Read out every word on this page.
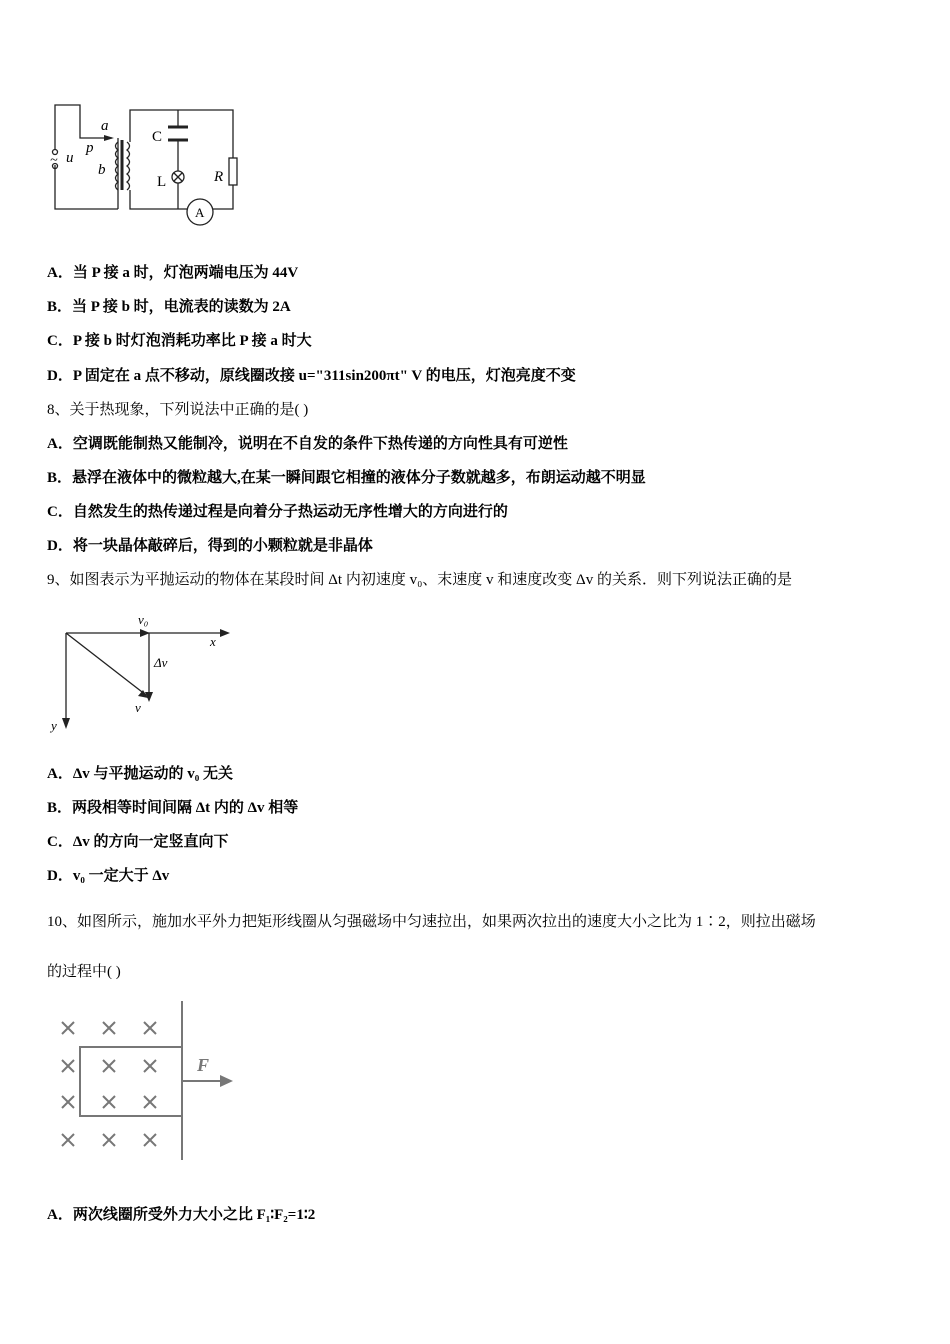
a
p
b
~ u
C
L	R
A
A．当 P 接 a 时，灯泡两端电压为 44V
B．当 P 接 b 时，电流表的读数为 2A
C．P 接 b 时灯泡消耗功率比 P 接 a 时大
D．P 固定在 a 点不移动，原线圈改接 u="311sin200πt" V 的电压，灯泡亮度不变
8、关于热现象，下列说法中正确的是( )
A．空调既能制热又能制冷，说明在不自发的条件下热传递的方向性具有可逆性
B．悬浮在液体中的微粒越大,在某一瞬间跟它相撞的液体分子数就越多，布朗运动越不明显
C．自然发生的热传递过程是向着分子热运动无序性增大的方向进行的
D．将一块晶体敲碎后，得到的小颗粒就是非晶体
9、如图表示为平抛运动的物体在某段时间 Δt 内初速度 v₀、末速度 v 和速度改变 Δv 的关系．则下列说法正确的是
v₀
x
Δv
v
y
A．Δv 与平抛运动的 v₀ 无关
B．两段相等时间间隔 Δt 内的 Δv 相等
C．Δv 的方向一定竖直向下
D．v₀ 一定大于 Δv
10、如图所示，施加水平外力把矩形线圈从匀强磁场中匀速拉出，如果两次拉出的速度大小之比为 1∶2，则拉出磁场
的过程中( )
F
A．两次线圈所受外力大小之比 F₁∶F₂=1∶2
